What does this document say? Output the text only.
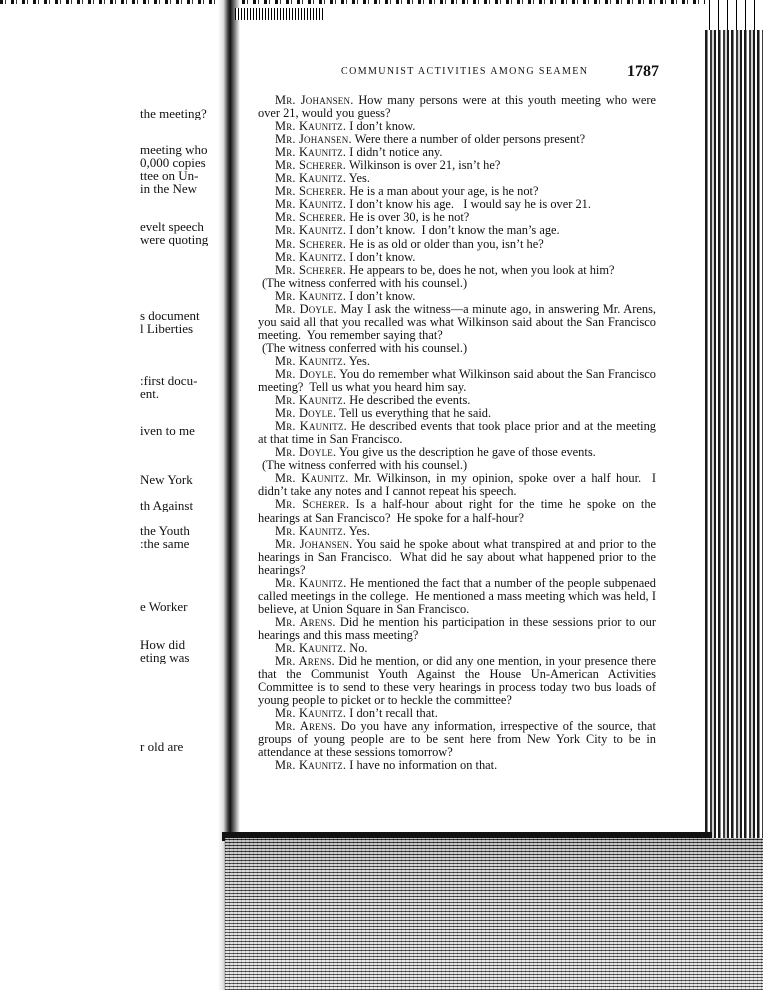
the meeting?
meeting who
0,000 copies
ttee on Un-
in the New
evelt speech
were quoting
s document
l Liberties
:first docu-
ent.
iven to me
New York
th Against
the Youth
:the same
e Worker
How did
eting was
r old are
COMMUNIST ACTIVITIES AMONG SEAMEN 1787

Mr. Johansen. How many persons were at this youth meeting who were over 21, would you guess?

Mr. Kaunitz. I don’t know.

Mr. Johansen. Were there a number of older persons present?

Mr. Kaunitz. I didn’t notice any.

Mr. Scherer. Wilkinson is over 21, isn’t he?

Mr. Kaunitz. Yes.

Mr. Scherer. He is a man about your age, is he not?

Mr. Kaunitz. I don’t know his age.   I would say he is over 21.

Mr. Scherer. He is over 30, is he not?

Mr. Kaunitz. I don’t know.  I don’t know the man’s age.

Mr. Scherer. He is as old or older than you, isn’t he?

Mr. Kaunitz. I don’t know.

Mr. Scherer. He appears to be, does he not, when you look at him?

(The witness conferred with his counsel.)

Mr. Kaunitz. I don’t know.

Mr. Doyle. May I ask the witness—a minute ago, in answering Mr. Arens, you said all that you recalled was what Wilkinson said about the San Francisco meeting.  You remember saying that?

(The witness conferred with his counsel.)

Mr. Kaunitz. Yes.

Mr. Doyle. You do remember what Wilkinson said about the San Francisco meeting?  Tell us what you heard him say.

Mr. Kaunitz. He described the events.

Mr. Doyle. Tell us everything that he said.

Mr. Kaunitz. He described events that took place prior and at the meeting at that time in San Francisco.

Mr. Doyle. You give us the description he gave of those events.

(The witness conferred with his counsel.)

Mr. Kaunitz. Mr. Wilkinson, in my opinion, spoke over a half hour.  I didn’t take any notes and I cannot repeat his speech.

Mr. Scherer. Is a half-hour about right for the time he spoke on the hearings at San Francisco?  He spoke for a half-hour?

Mr. Kaunitz. Yes.

Mr. Johansen. You said he spoke about what transpired at and prior to the hearings in San Francisco.  What did he say about what happened prior to the hearings?

Mr. Kaunitz. He mentioned the fact that a number of the people subpenaed called meetings in the college.  He mentioned a mass meeting which was held, I believe, at Union Square in San Francisco.

Mr. Arens. Did he mention his participation in these sessions prior to our hearings and this mass meeting?

Mr. Kaunitz. No.

Mr. Arens. Did he mention, or did any one mention, in your presence there that the Communist Youth Against the House Un-American Activities Committee is to send to these very hearings in process today two bus loads of young people to picket or to heckle the committee?

Mr. Kaunitz. I don’t recall that.

Mr. Arens. Do you have any information, irrespective of the source, that groups of young people are to be sent here from New York City to be in attendance at these sessions tomorrow?

Mr. Kaunitz. I have no information on that.
